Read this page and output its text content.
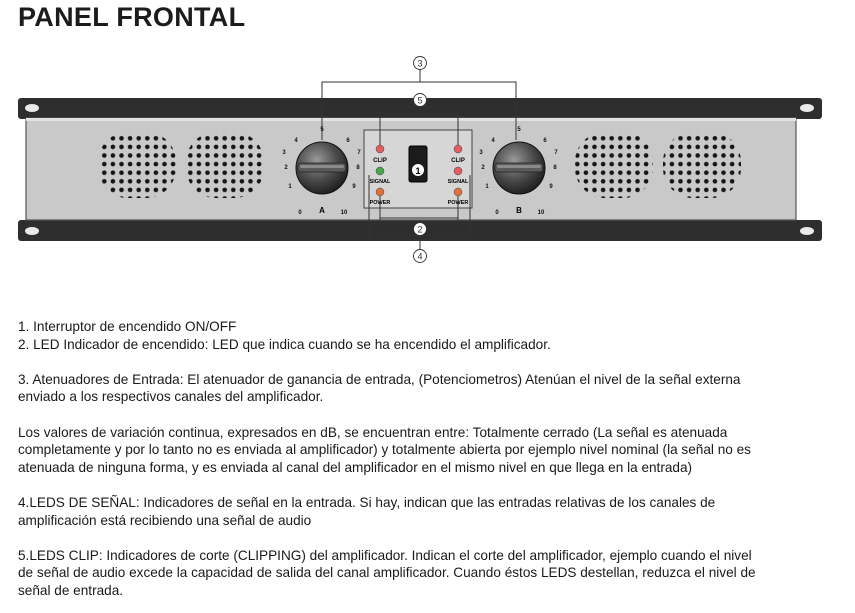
PANEL FRONTAL
1
CLIP
SIGNAL
POWER
CLIP
SIGNAL
POWER
3
2
1
4
5
6
7
8
9
0	10
A
3
2
1
4
5
6
7
8
9
0	10
B
3
5
2
4

1. Interruptor de encendido ON/OFF

2. LED Indicador de encendido: LED que indica cuando se ha encendido el amplificador.

3. Atenuadores de Entrada: El atenuador de ganancia de entrada, (Potenciometros) Atenúan el nivel de la señal externa

enviado a los respectivos canales del amplificador.

Los valores de variación continua, expresados en dB, se encuentran entre: Totalmente cerrado (La señal es atenuada

completamente y por lo tanto no es enviada al amplificador) y totalmente abierta por ejemplo nivel nominal (la señal no es

atenuada de ninguna forma, y es enviada al canal del amplificador en el mismo nivel en que llega en la entrada)

4.LEDS DE SEÑAL: Indicadores de señal en la entrada. Si hay, indican que las entradas relativas de los canales de

amplificación está recibiendo una señal de audio

5.LEDS CLIP: Indicadores de corte (CLIPPING) del amplificador. Indican el corte del amplificador, ejemplo cuando el nivel

de señal de audio excede la capacidad de salida del canal amplificador. Cuando éstos LEDS destellan, reduzca el nivel de

señal de entrada.
